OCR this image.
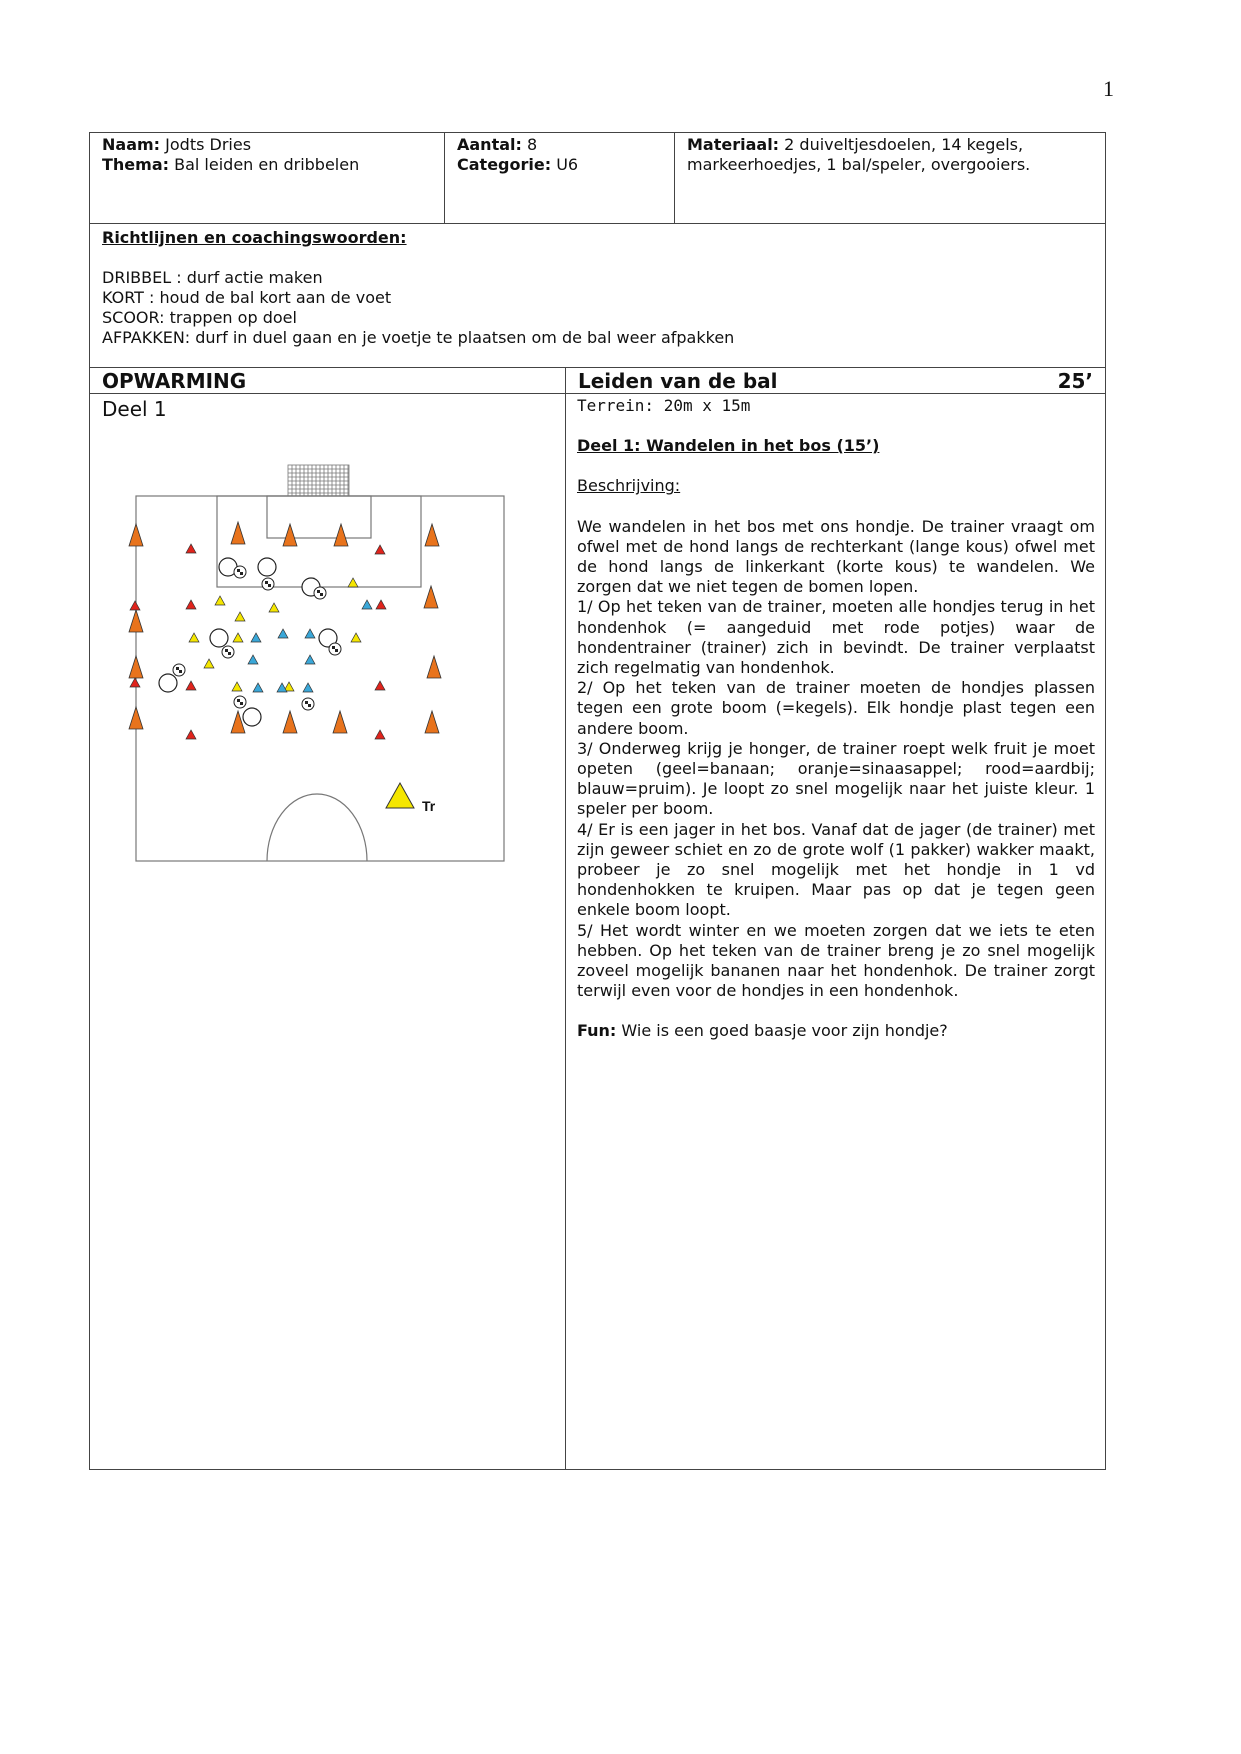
1
Naam: Jodts Dries
Thema: Bal leiden en dribbelen
Aantal: 8
Categorie: U6
Materiaal: 2 duiveltjesdoelen, 14 kegels, markeerhoedjes, 1 bal/speler, overgooiers.
Richtlijnen en coachingswoorden:
DRIBBEL : durf actie maken
KORT : houd de bal kort aan de voet
SCOOR: trappen op doel
AFPAKKEN: durf in duel gaan en je voetje te plaatsen om de bal weer afpakken
OPWARMING	Leiden van de bal	25’
Deel 1
Tr
Terrein: 20m x 15m
Deel 1: Wandelen in het bos (15’)
Beschrijving:
We wandelen in het bos met ons hondje. De trainer vraagt om ofwel met de hond langs de rechterkant (lange kous) ofwel met de hond langs de linkerkant (korte kous) te wandelen. We zorgen dat we niet tegen de bomen lopen.
1/ Op het teken van de trainer, moeten alle hondjes terug in het hondenhok (= aangeduid met rode potjes) waar de hondentrainer (trainer) zich in bevindt. De trainer verplaatst zich regelmatig van hondenhok.
2/ Op het teken van de trainer moeten de hondjes plassen tegen een grote boom (=kegels). Elk hondje plast tegen een andere boom.
3/ Onderweg krijg je honger, de trainer roept welk fruit je moet opeten (geel=banaan; oranje=sinaasappel; rood=aardbij; blauw=pruim). Je loopt zo snel mogelijk naar het juiste kleur. 1 speler per boom.
4/ Er is een jager in het bos. Vanaf dat de jager (de trainer) met zijn geweer schiet en zo de grote wolf (1 pakker) wakker maakt, probeer je zo snel mogelijk met het hondje in 1 vd hondenhokken te kruipen. Maar pas op dat je tegen geen enkele boom loopt.
5/ Het wordt winter en we moeten zorgen dat we iets te eten hebben. Op het teken van de trainer breng je zo snel mogelijk zoveel mogelijk bananen naar het hondenhok. De trainer zorgt terwijl even voor de hondjes in een hondenhok.
Fun: Wie is een goed baasje voor zijn hondje?
